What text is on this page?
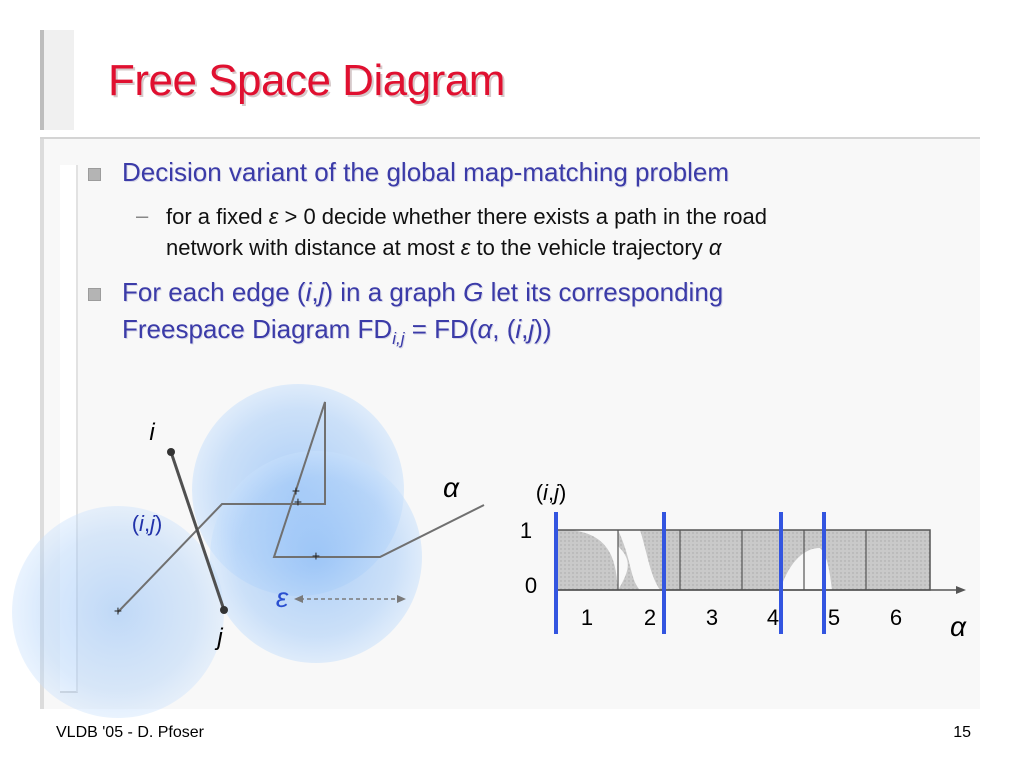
Free Space Diagram
Decision variant of the global map-matching problem
– for a fixed ε > 0 decide whether there exists a path in the road
network with distance at most ε to the vehicle trajectory α
For each edge (i,j) in a graph G let its corresponding
Freespace Diagram $FD_{i,j} = FD(\alpha$, (i,j))
+
+
+
+
i
j
(i,j)
α
ε
(i,j)
1
0
1 2 3 4 5 6 α
VLDB '05 - D. Pfoser	15
